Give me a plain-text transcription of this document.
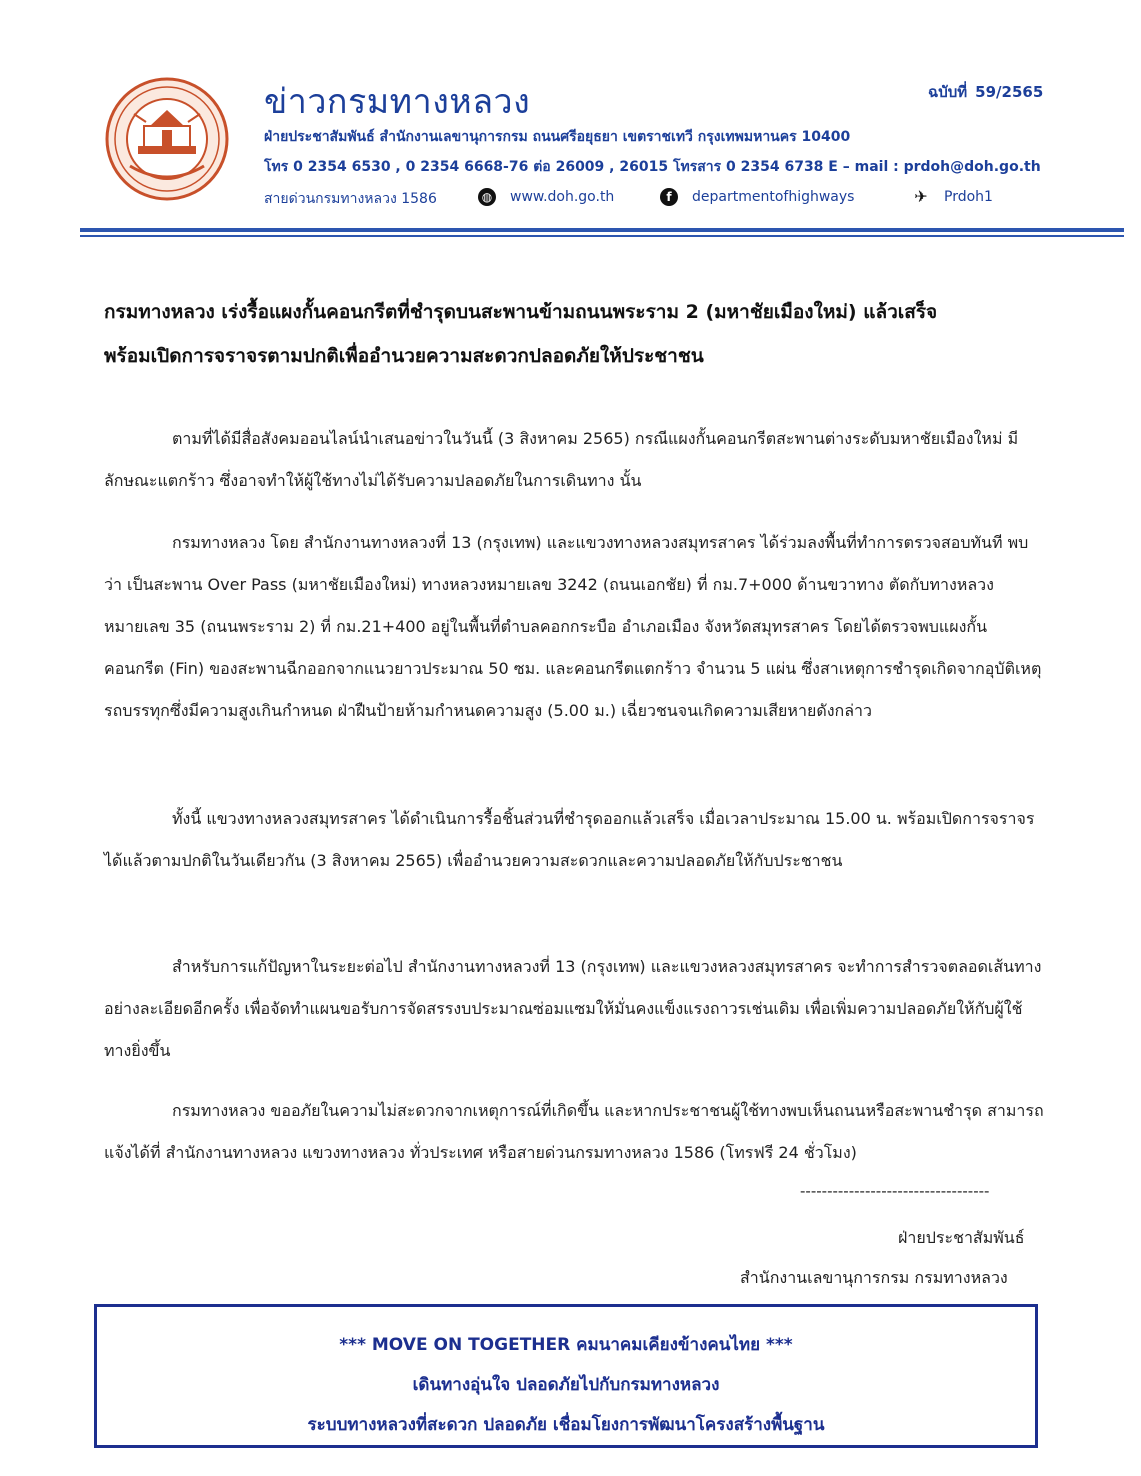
ข่าวกรมทางหลวง	ฉบับที่ 59/2565
ฝ่ายประชาสัมพันธ์ สำนักงานเลขานุการกรม ถนนศรีอยุธยา เขตราชเทวี กรุงเทพมหานคร 10400
โทร 0 2354 6530 , 0 2354 6668-76 ต่อ 26009 , 26015 โทรสาร 0 2354 6738 E – mail : prdoh@doh.go.th
สายด่วนกรมทางหลวง 1586	◍ www.doh.go.th	f departmentofhighways	✈ Prdoh1
กรมทางหลวง เร่งรื้อแผงกั้นคอนกรีตที่ชำรุดบนสะพานข้ามถนนพระราม 2 (มหาชัยเมืองใหม่) แล้วเสร็จ
พร้อมเปิดการจราจรตามปกติเพื่ออำนวยความสะดวกปลอดภัยให้ประชาชน

ตามที่ได้มีสื่อสังคมออนไลน์นำเสนอข่าวในวันนี้ (3 สิงหาคม 2565) กรณีแผงกั้นคอนกรีตสะพานต่างระดับมหาชัยเมืองใหม่ มีลักษณะแตกร้าว ซึ่งอาจทำให้ผู้ใช้ทางไม่ได้รับความปลอดภัยในการเดินทาง นั้น

กรมทางหลวง โดย สำนักงานทางหลวงที่ 13 (กรุงเทพ) และแขวงทางหลวงสมุทรสาคร ได้ร่วมลงพื้นที่ทำการตรวจสอบทันที พบว่า เป็นสะพาน Over Pass (มหาชัยเมืองใหม่) ทางหลวงหมายเลข 3242 (ถนนเอกชัย) ที่ กม.7+000 ด้านขวาทาง ตัดกับทางหลวงหมายเลข 35 (ถนนพระราม 2) ที่ กม.21+400 อยู่ในพื้นที่ตำบลคอกกระบือ อำเภอเมือง จังหวัดสมุทรสาคร โดยได้ตรวจพบแผงกั้นคอนกรีต (Fin) ของสะพานฉีกออกจากแนวยาวประมาณ 50 ซม. และคอนกรีตแตกร้าว จำนวน 5 แผ่น ซึ่งสาเหตุการชำรุดเกิดจากอุบัติเหตุรถบรรทุกซึ่งมีความสูงเกินกำหนด ฝ่าฝืนป้ายห้ามกำหนดความสูง (5.00 ม.) เฉี่ยวชนจนเกิดความเสียหายดังกล่าว

ทั้งนี้ แขวงทางหลวงสมุทรสาคร ได้ดำเนินการรื้อชิ้นส่วนที่ชำรุดออกแล้วเสร็จ เมื่อเวลาประมาณ 15.00 น. พร้อมเปิดการจราจรได้แล้วตามปกติในวันเดียวกัน (3 สิงหาคม 2565) เพื่ออำนวยความสะดวกและความปลอดภัยให้กับประชาชน

สำหรับการแก้ปัญหาในระยะต่อไป สำนักงานทางหลวงที่ 13 (กรุงเทพ) และแขวงหลวงสมุทรสาคร จะทำการสำรวจตลอดเส้นทางอย่างละเอียดอีกครั้ง เพื่อจัดทำแผนขอรับการจัดสรรงบประมาณซ่อมแซมให้มั่นคงแข็งแรงถาวรเช่นเดิม เพื่อเพิ่มความปลอดภัยให้กับผู้ใช้ทางยิ่งขึ้น

กรมทางหลวง ขออภัยในความไม่สะดวกจากเหตุการณ์ที่เกิดขึ้น และหากประชาชนผู้ใช้ทางพบเห็นถนนหรือสะพานชำรุด สามารถแจ้งได้ที่ สำนักงานทางหลวง แขวงทางหลวง ทั่วประเทศ หรือสายด่วนกรมทางหลวง 1586 (โทรฟรี 24 ชั่วโมง)

-----------------------------------
ฝ่ายประชาสัมพันธ์
สำนักงานเลขานุการกรม กรมทางหลวง
*** MOVE ON TOGETHER คมนาคมเคียงข้างคนไทย ***
เดินทางอุ่นใจ ปลอดภัยไปกับกรมทางหลวง
ระบบทางหลวงที่สะดวก ปลอดภัย เชื่อมโยงการพัฒนาโครงสร้างพื้นฐาน
